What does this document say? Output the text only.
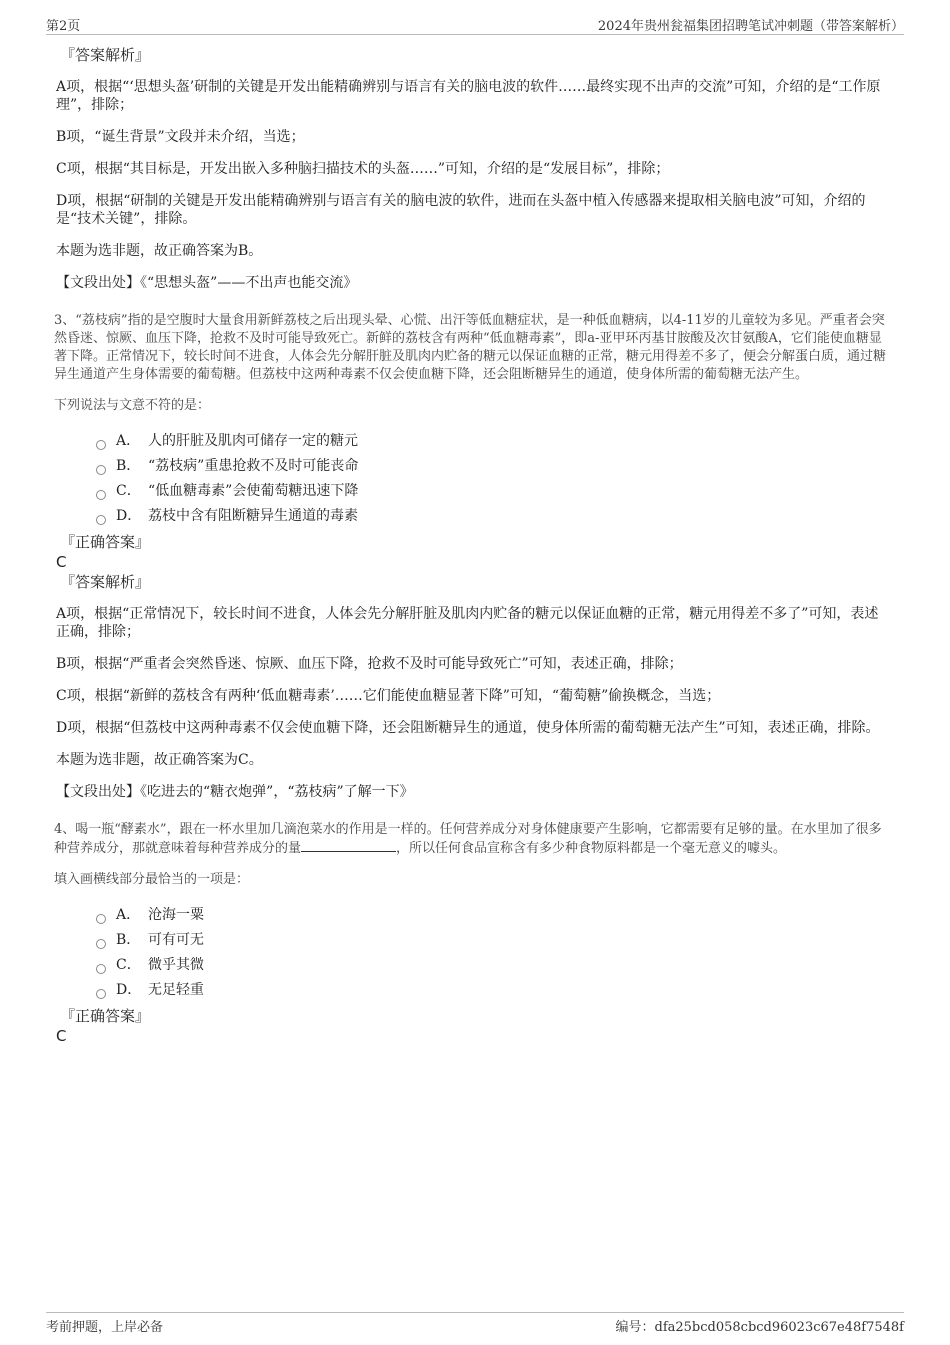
第2页	2024年贵州瓮福集团招聘笔试冲刺题（带答案解析）

『答案解析』

A项，根据“‘思想头盔’研制的关键是开发出能精确辨别与语言有关的脑电波的软件……最终实现不出声的交流”可知，介绍的是“工作原理”，排除；

B项，“诞生背景”文段并未介绍，当选；

C项，根据“其目标是，开发出嵌入多种脑扫描技术的头盔……”可知，介绍的是“发展目标”，排除；

D项，根据“研制的关键是开发出能精确辨别与语言有关的脑电波的软件，进而在头盔中植入传感器来提取相关脑电波”可知，介绍的是“技术关键”，排除。

本题为选非题，故正确答案为B。

【文段出处】《“思想头盔”——不出声也能交流》

3、“荔枝病”指的是空腹时大量食用新鲜荔枝之后出现头晕、心慌、出汗等低血糖症状，是一种低血糖病，以4-11岁的儿童较为多见。严重者会突然昏迷、惊厥、血压下降，抢救不及时可能导致死亡。新鲜的荔枝含有两种“低血糖毒素”，即a-亚甲环丙基甘胺酸及次甘氨酸A，它们能使血糖显著下降。正常情况下，较长时间不进食，人体会先分解肝脏及肌肉内贮备的糖元以保证血糖的正常，糖元用得差不多了，便会分解蛋白质，通过糖异生通道产生身体需要的葡萄糖。但荔枝中这两种毒素不仅会使血糖下降，还会阻断糖异生的通道，使身体所需的葡萄糖无法产生。

下列说法与文意不符的是：

A． 人的肝脏及肌肉可储存一定的糖元
B． “荔枝病”重患抢救不及时可能丧命
C． “低血糖毒素”会使葡萄糖迅速下降
D． 荔枝中含有阻断糖异生通道的毒素

『正确答案』

C

『答案解析』

A项，根据“正常情况下，较长时间不进食，人体会先分解肝脏及肌肉内贮备的糖元以保证血糖的正常，糖元用得差不多了”可知，表述正确，排除；

B项，根据“严重者会突然昏迷、惊厥、血压下降，抢救不及时可能导致死亡”可知，表述正确，排除；

C项，根据“新鲜的荔枝含有两种‘低血糖毒素’……它们能使血糖显著下降”可知，“葡萄糖”偷换概念，当选；

D项，根据“但荔枝中这两种毒素不仅会使血糖下降，还会阻断糖异生的通道，使身体所需的葡萄糖无法产生”可知，表述正确，排除。

本题为选非题，故正确答案为C。

【文段出处】《吃进去的“糖衣炮弹”，“荔枝病”了解一下》

4、喝一瓶“酵素水”，跟在一杯水里加几滴泡菜水的作用是一样的。任何营养成分对身体健康要产生影响，它都需要有足够的量。在水里加了很多种营养成分，那就意味着每种营养成分的量	，所以任何食品宣称含有多少种食物原料都是一个毫无意义的噱头。

填入画横线部分最恰当的一项是：

A． 沧海一粟
B． 可有可无
C． 微乎其微
D． 无足轻重

『正确答案』

C

考前押题，上岸必备	编号：dfa25bcd058cbcd96023c67e48f7548f
